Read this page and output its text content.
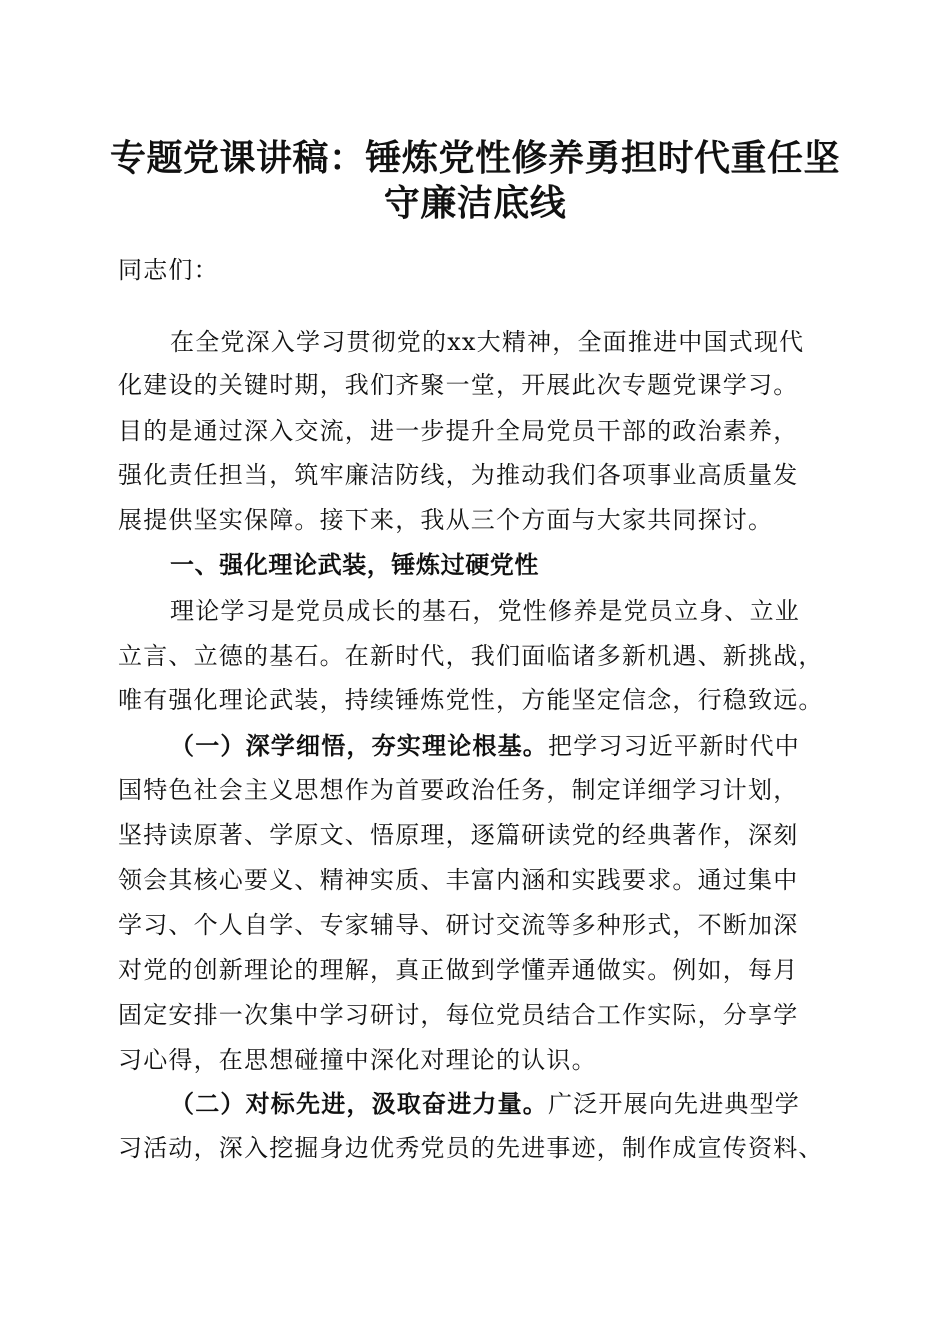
专题党课讲稿：锤炼党性修养勇担时代重任坚
守廉洁底线
同志们：
在全党深入学习贯彻党的xx大精神，全面推进中国式现代
化建设的关键时期，我们齐聚一堂，开展此次专题党课学习。
目的是通过深入交流，进一步提升全局党员干部的政治素养，
强化责任担当，筑牢廉洁防线，为推动我们各项事业高质量发
展提供坚实保障。接下来，我从三个方面与大家共同探讨。
一、强化理论武装，锤炼过硬党性
理论学习是党员成长的基石，党性修养是党员立身、立业
立言、立德的基石。在新时代，我们面临诸多新机遇、新挑战，
唯有强化理论武装，持续锤炼党性，方能坚定信念，行稳致远。
（一）深学细悟，夯实理论根基。把学习习近平新时代中
国特色社会主义思想作为首要政治任务，制定详细学习计划，
坚持读原著、学原文、悟原理，逐篇研读党的经典著作，深刻
领会其核心要义、精神实质、丰富内涵和实践要求。通过集中
学习、个人自学、专家辅导、研讨交流等多种形式，不断加深
对党的创新理论的理解，真正做到学懂弄通做实。例如，每月
固定安排一次集中学习研讨，每位党员结合工作实际，分享学
习心得，在思想碰撞中深化对理论的认识。
（二）对标先进，汲取奋进力量。广泛开展向先进典型学
习活动，深入挖掘身边优秀党员的先进事迹，制作成宣传资料、
